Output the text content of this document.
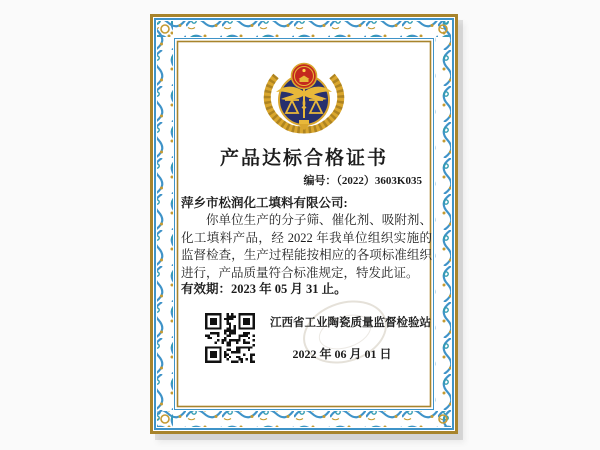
产品达标合格证书
编号：（2022）3603K035
萍乡市松润化工填料有限公司:
你单位生产的分子筛、催化剂、吸附剂、化工填料产品，经 2022 年我单位组织实施的监督检查，生产过程能按相应的各项标准组织进行，产品质量符合标准规定，特发此证。
有效期：2023 年 05 月 31 止。
江西省工业陶瓷质量监督检验站
2022 年 06 月 01 日
